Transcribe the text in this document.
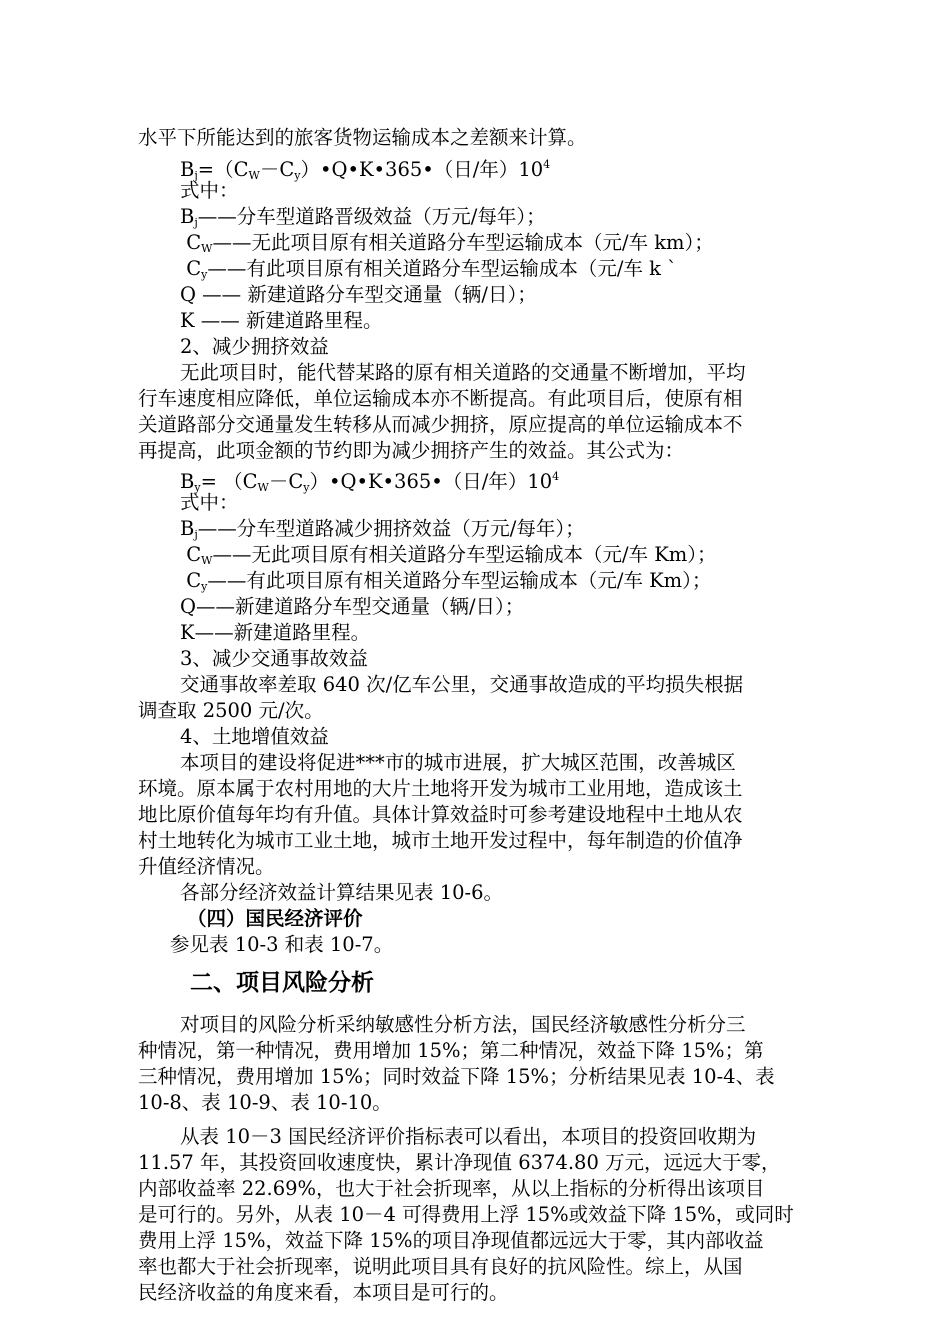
水平下所能达到的旅客货物运输成本之差额来计算。
$B_j=(C_W-C_y)•Q•K•365•$（日/年）$10^4$
式中：
$B_j——$分车型道路晋级效益（万元/每年）；
$C_W——$无此项目原有相关道路分车型运输成本（元/车 km）；
$C_y——$有此项目原有相关道路分车型运输成本（元/车 k `
Q —— 新建道路分车型交通量（辆/日）；
K —— 新建道路里程。
2、减少拥挤效益
无此项目时，能代替某路的原有相关道路的交通量不断增加，平均
行车速度相应降低，单位运输成本亦不断提高。有此项目后，使原有相
关道路部分交通量发生转移从而减少拥挤，原应提高的单位运输成本不
再提高，此项金额的节约即为减少拥挤产生的效益。其公式为：
$B_y=$ $(C_W-C_y)•Q•K•365•$（日/年）$10^4$
式中：
$B_j——$分车型道路减少拥挤效益（万元/每年）；
$C_W——$无此项目原有相关道路分车型运输成本（元/车 Km）；
$C_y——$有此项目原有相关道路分车型运输成本（元/车 Km）；
Q——新建道路分车型交通量（辆/日）；
K——新建道路里程。
3、减少交通事故效益
交通事故率差取 640 次/亿车公里，交通事故造成的平均损失根据
调查取 2500 元/次。
4、土地增值效益
本项目的建设将促进***市的城市进展，扩大城区范围，改善城区
环境。原本属于农村用地的大片土地将开发为城市工业用地，造成该土
地比原价值每年均有升值。具体计算效益时可参考建设地程中土地从农
村土地转化为城市工业土地，城市土地开发过程中，每年制造的价值净
升值经济情况。
各部分经济效益计算结果见表 10-6。
（四）国民经济评价
参见表 10-3 和表 10-7。
二、项目风险分析
对项目的风险分析采纳敏感性分析方法，国民经济敏感性分析分三
种情况，第一种情况，费用增加 15%；第二种情况，效益下降 15%；第
三种情况，费用增加 15%；同时效益下降 15%；分析结果见表 10-4、表
10-8、表 10-9、表 10-10。
从表 10－3 国民经济评价指标表可以看出，本项目的投资回收期为
11.57 年，其投资回收速度快，累计净现值 6374.80 万元，远远大于零，
内部收益率 22.69%，也大于社会折现率，从以上指标的分析得出该项目
是可行的。另外，从表 10－4 可得费用上浮 15%或效益下降 15%，或同时
费用上浮 15%，效益下降 15%的项目净现值都远远大于零，其内部收益
率也都大于社会折现率，说明此项目具有良好的抗风险性。综上，从国
民经济收益的角度来看，本项目是可行的。
